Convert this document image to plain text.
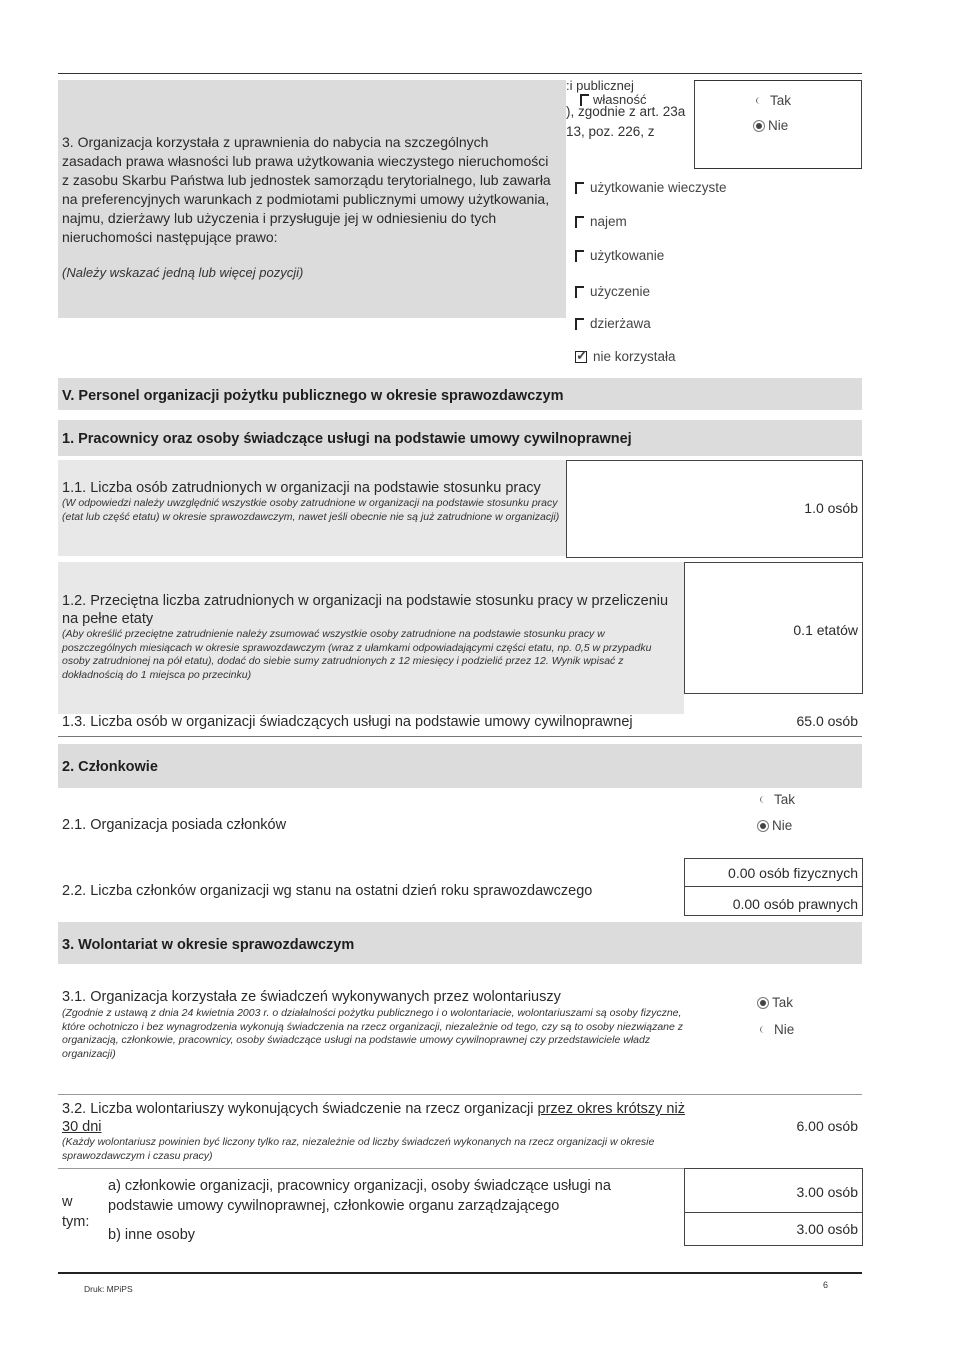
3. Organizacja korzystała z uprawnienia do nabycia na szczególnych zasadach prawa własności lub prawa użytkowania wieczystego nieruchomości z zasobu Skarbu Państwa lub jednostek samorządu terytorialnego, lub zawarła na preferencyjnych warunkach z podmiotami publicznymi umowy użytkowania, najmu, dzierżawy lub użyczenia i przysługuje jej w odniesieniu do tych nieruchomości następujące prawo:
(Należy wskazać jedną lub więcej pozycji)
:i publicznej
własność
), zgodnie z art. 23a
13, poz. 226, z
Tak
Nie
użytkowanie wieczyste
najem
użytkowanie
użyczenie
dzierżawa
✓
nie korzystała
V. Personel organizacji pożytku publicznego w okresie sprawozdawczym
1. Pracownicy oraz osoby świadczące usługi na podstawie umowy cywilnoprawnej
1.1. Liczba osób zatrudnionych w organizacji na podstawie stosunku pracy
(W odpowiedzi należy uwzględnić wszystkie osoby zatrudnione w organizacji na podstawie stosunku pracy (etat lub część etatu) w okresie sprawozdawczym, nawet jeśli obecnie nie są już zatrudnione w organizacji)
1.0 osób
1.2. Przeciętna liczba zatrudnionych w organizacji na podstawie stosunku pracy w przeliczeniu na pełne etaty
(Aby określić przeciętne zatrudnienie należy zsumować wszystkie osoby zatrudnione na podstawie stosunku pracy w poszczególnych miesiącach w okresie sprawozdawczym (wraz z ułamkami odpowiadającymi części etatu, np. 0,5 w przypadku osoby zatrudnionej na pół etatu), dodać do siebie sumy zatrudnionych z 12 miesięcy i podzielić przez 12. Wynik wpisać z dokładnością do 1 miejsca po przecinku)
0.1 etatów
1.3. Liczba osób w organizacji świadczących usługi na podstawie umowy cywilnoprawnej	65.0 osób
2. Członkowie
2.1. Organizacja posiada członków
Tak
Nie
2.2. Liczba członków organizacji wg stanu na ostatni dzień roku sprawozdawczego
0.00 osób fizycznych
0.00 osób prawnych
3. Wolontariat w okresie sprawozdawczym
3.1. Organizacja korzystała ze świadczeń wykonywanych przez wolontariuszy
(Zgodnie z ustawą z dnia 24 kwietnia 2003 r. o działalności pożytku publicznego i o wolontariacie, wolontariuszami są osoby fizyczne, które ochotniczo i bez wynagrodzenia wykonują świadczenia na rzecz organizacji, niezależnie od tego, czy są to osoby niezwiązane z organizacją, członkowie, pracownicy, osoby świadczące usługi na podstawie umowy cywilnoprawnej czy przedstawiciele władz organizacji)
Tak
Nie
3.2. Liczba wolontariuszy wykonujących świadczenie na rzecz organizacji przez okres krótszy niż 30 dni
(Każdy wolontariusz powinien być liczony tylko raz, niezależnie od liczby świadczeń wykonanych na rzecz organizacji w okresie sprawozdawczym i czasu pracy)
6.00 osób
w
tym:
a) członkowie organizacji, pracownicy organizacji, osoby świadczące usługi na podstawie umowy cywilnoprawnej, członkowie organu zarządzającego
3.00 osób
b) inne osoby	3.00 osób
Druk: MPiPS	6
